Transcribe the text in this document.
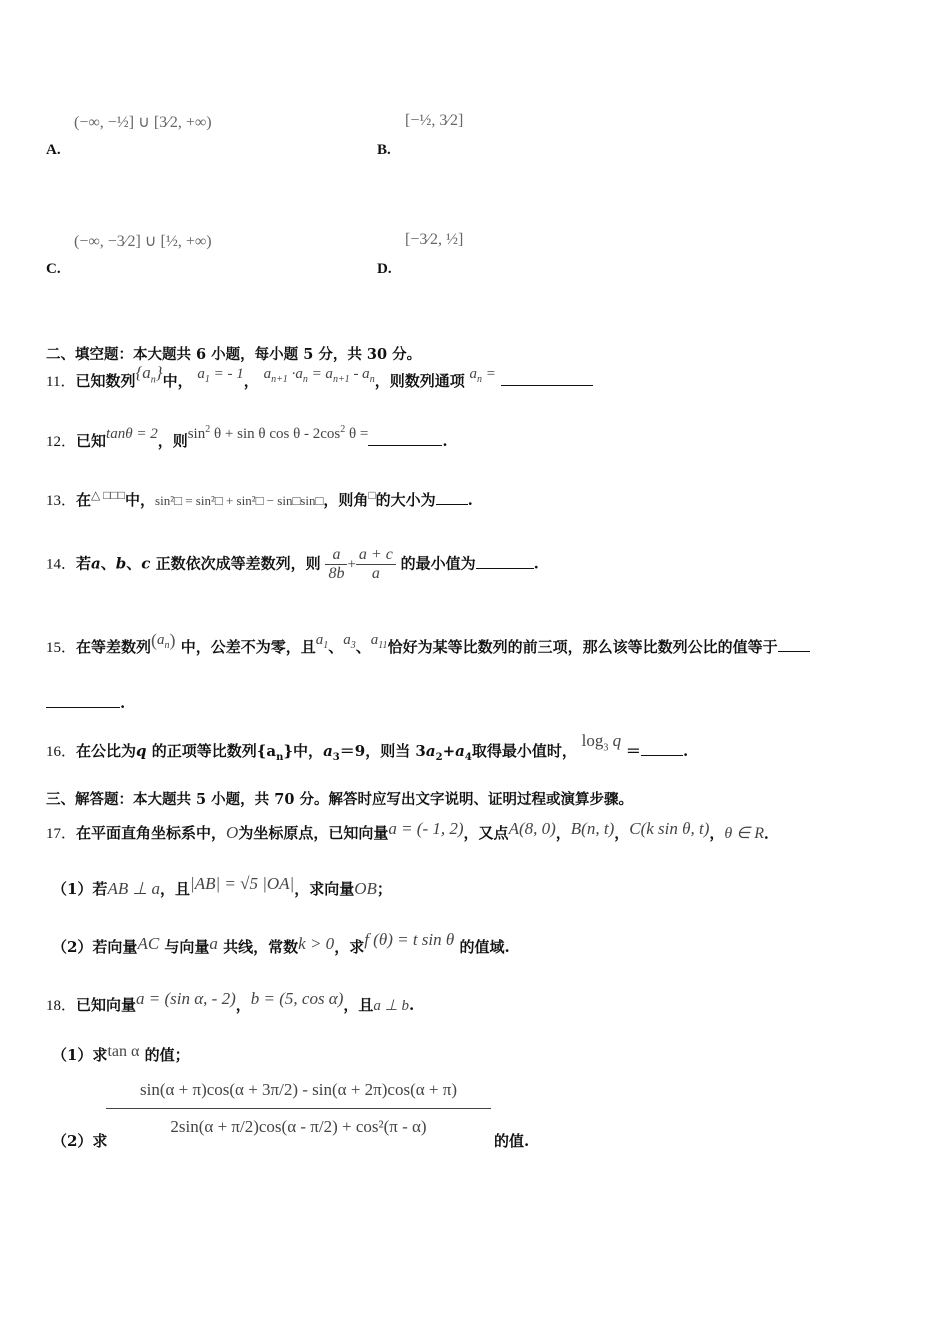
(−∞, −½] ∪ [3⁄2, +∞)
A.
[−½, 3⁄2]
B.
(−∞, −3⁄2] ∪ [½, +∞)
C.
[−3⁄2, ½]
D.
二、填空题：本大题共 6 小题，每小题 5 分，共 30 分。
11．已知数列$\{a_n\}$中， $a_1$ = - 1， $a_{n+1} \cdot a_n = a_{n+1} - a_n$，则数列通项 $a_n$ =
12．已知tanθ = 2，则$\sin^2 \theta + \sin \theta$ cos θ - $2\cos^2$ θ =	.
13．在△ □□□中，sin²□ = sin²□ + sin²□ − sin□sin□，则角□的大小为 .
14．若a、b、c 正数依次成等差数列，则 $\frac{a}{8b} + \frac{a + c}{a}$ 的最小值为	.
15．在等差数列$(a_n)$ 中，公差不为零，且$a_1$、$a_3$、$a_{11}$恰好为某等比数列的前三项，那么该等比数列公比的值等于
.
16．在公比为q 的正项等比数列$\{a_n\}$中，$a_3=9$，则当 $3a_2+a_4$取得最小值时， $\log_3 q$ ＝	.
三、解答题：本大题共 5 小题，共 70 分。解答时应写出文字说明、证明过程或演算步骤。
17．在平面直角坐标系中，O为坐标原点，已知向量a = (- 1, 2)，又点A(8, 0)，B(n, t)，C(k sin θ, t)，θ ∈ R．
（1）若AB ⊥ a，且|AB| = √5 |OA|，求向量OB；
（2）若向量AC 与向量a 共线，常数k > 0，求f (θ) = t sin θ 的值域.
18．已知向量a = (sin α, - 2)，b = (5, cos α)，且a ⊥ b.
（1）求tan α 的值；
（2）求
$\frac{\sin(\alpha + \pi)\cos(\alpha + 3\pi/2) - \sin(\alpha + 2\pi)\cos(\alpha + \pi)}{\text{2sin(α + π/2)cos(α - π/2) + cos²(π - α)}}$
的值.
